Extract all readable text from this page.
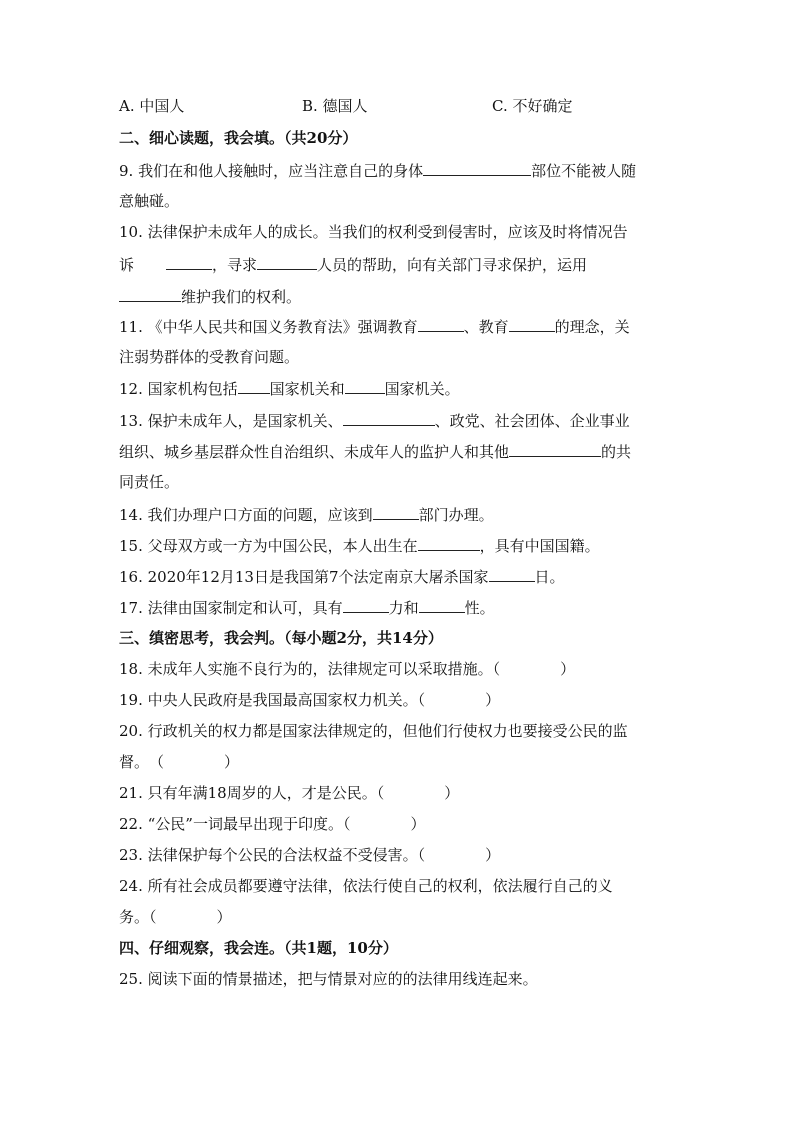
A. 中国人	B. 德国人	C. 不好确定
二、细心读题，我会填。（共20分）
9. 我们在和他人接触时，应当注意自己的身体	部位不能被人随
意触碰。
10. 法律保护未成年人的成长。当我们的权利受到侵害时，应该及时将情况告
诉	，寻求	人员的帮助，向有关部门寻求保护，运用
维护我们的权利。
11. 《中华人民共和国义务教育法》强调教育	、教育	的理念，关
注弱势群体的受教育问题。
12. 国家机构包括 国家机关和	国家机关。
13. 保护未成年人，是国家机关、	、政党、社会团体、企业事业
组织、城乡基层群众性自治组织、未成年人的监护人和其他	的共
同责任。
14. 我们办理户口方面的问题，应该到	部门办理。
15. 父母双方或一方为中国公民，本人出生在	，具有中国国籍。
16. 2020年12月13日是我国第7个法定南京大屠杀国家	日。
17. 法律由国家制定和认可，具有	力和	性。
三、缜密思考，我会判。（每小题2分，共14分）
18. 未成年人实施不良行为的，法律规定可以采取措施。（　　　　）
19. 中央人民政府是我国最高国家权力机关。（　　　　）
20. 行政机关的权力都是国家法律规定的，但他们行使权力也要接受公民的监
督。　（　　　　）
21. 只有年满18周岁的人，才是公民。（　　　　）
22. “公民”一词最早出现于印度。（　　　　）
23. 法律保护每个公民的合法权益不受侵害。（　　　　）
24. 所有社会成员都要遵守法律，依法行使自己的权利，依法履行自己的义
务。（　　　　）
四、仔细观察，我会连。（共1题，10分）
25. 阅读下面的情景描述，把与情景对应的的法律用线连起来。
